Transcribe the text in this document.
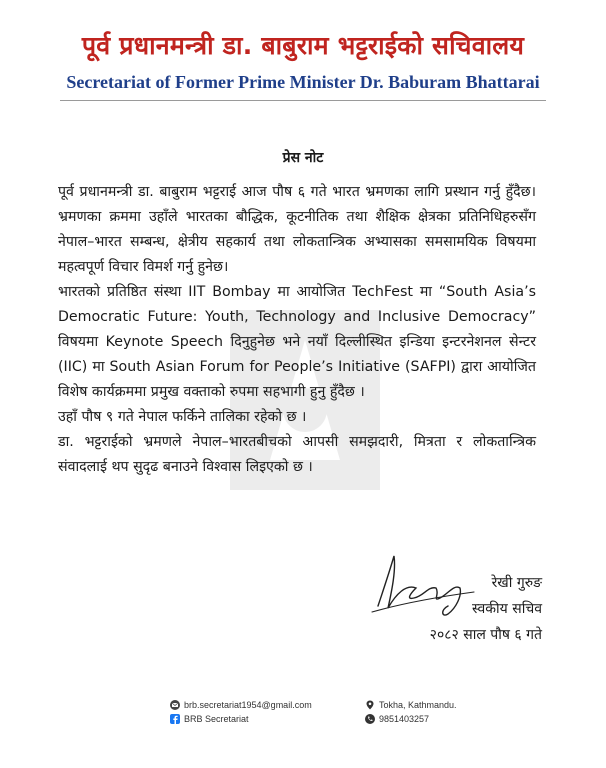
पूर्व प्रधानमन्त्री डा. बाबुराम भट्टराईको सचिवालय
Secretariat of Former Prime Minister Dr. Baburam Bhattarai
प्रेस नोट

पूर्व प्रधानमन्त्री डा. बाबुराम भट्टराई आज पौष ६ गते भारत भ्रमणका लागि प्रस्थान गर्नु हुँदैछ। भ्रमणका क्रममा उहाँले भारतका बौद्धिक, कूटनीतिक तथा शैक्षिक क्षेत्रका प्रतिनिधिहरुसँग नेपाल–भारत सम्बन्ध, क्षेत्रीय सहकार्य तथा लोकतान्त्रिक अभ्यासका समसामयिक विषयमा महत्वपूर्ण विचार विमर्श गर्नु हुनेछ।

भारतको प्रतिष्ठित संस्था IIT Bombay मा आयोजित TechFest मा “South Asia’s Democratic Future: Youth, Technology and Inclusive Democracy” विषयमा Keynote Speech दिनुहुनेछ भने नयाँ दिल्लीस्थित इन्डिया इन्टरनेशनल सेन्टर (IIC) मा South Asian Forum for People’s Initiative (SAFPI) द्वारा आयोजित विशेष कार्यक्रममा प्रमुख वक्ताको रुपमा सहभागी हुनु हुँदैछ ।

उहाँ पौष ९ गते नेपाल फर्किने तालिका रहेको छ ।

डा. भट्टराईको भ्रमणले नेपाल–भारतबीचको आपसी समझदारी, मित्रता र लोकतान्त्रिक संवादलाई थप सुदृढ बनाउने विश्वास लिइएको छ ।

रेखी गुरुङ
स्वकीय सचिव
२०८२ साल पौष ६ गते
brb.secretariat1954@gmail.com
BRB Secretariat
Tokha, Kathmandu.
9851403257
